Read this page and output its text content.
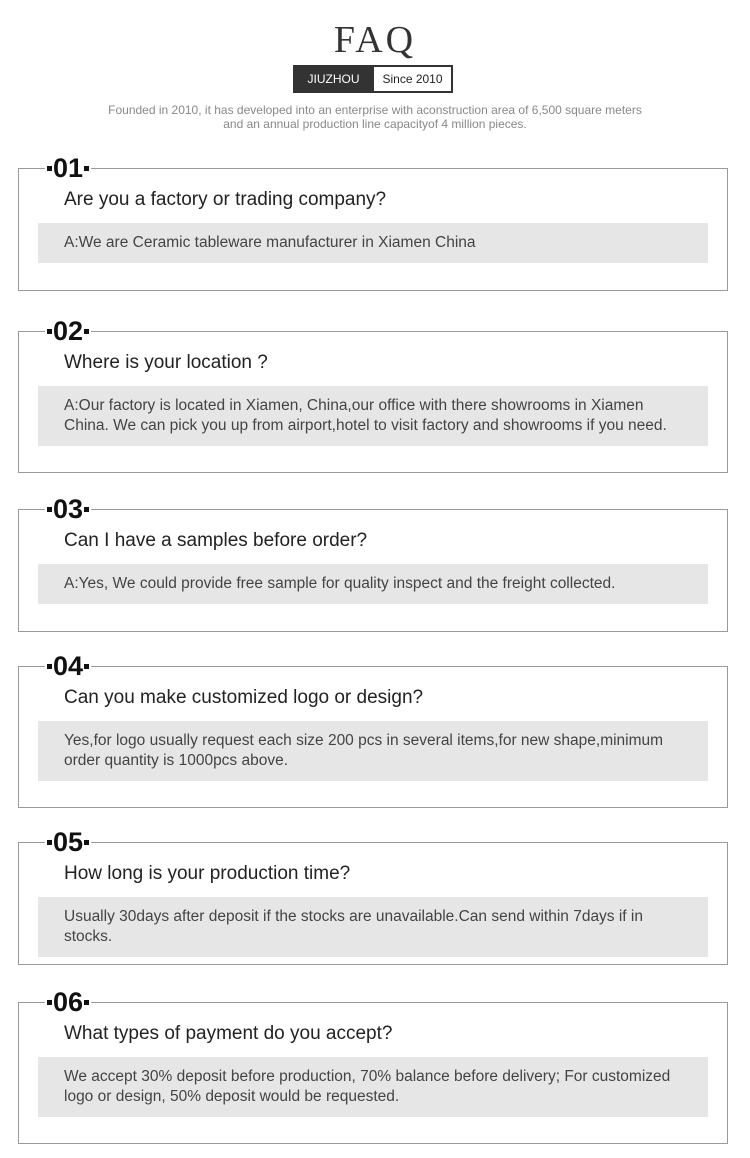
FAQ
JIUZHOU	Since 2010
Founded in 2010, it has developed into an enterprise with aconstruction area of 6,500 square meters and an annual production line capacityof 4 million pieces.
01
Are you a factory or trading company?
A:We are Ceramic tableware manufacturer in Xiamen China
02
Where is your location ?
A:Our factory is located in Xiamen, China,our office with there showrooms in Xiamen China. We can pick you up from airport,hotel to visit factory and showrooms if you need.
03
Can I have a samples before order?
A:Yes, We could provide free sample for quality inspect and the freight collected.
04
Can you make customized logo or design?
Yes,for logo usually request each size 200 pcs in several items,for new shape,minimum order quantity is 1000pcs above.
05
How long is your production time?
Usually 30days after deposit if the stocks are unavailable.Can send within 7days if in stocks.
06
What types of payment do you accept?
We accept 30% deposit before production, 70% balance before delivery; For customized logo or design, 50% deposit would be requested.
